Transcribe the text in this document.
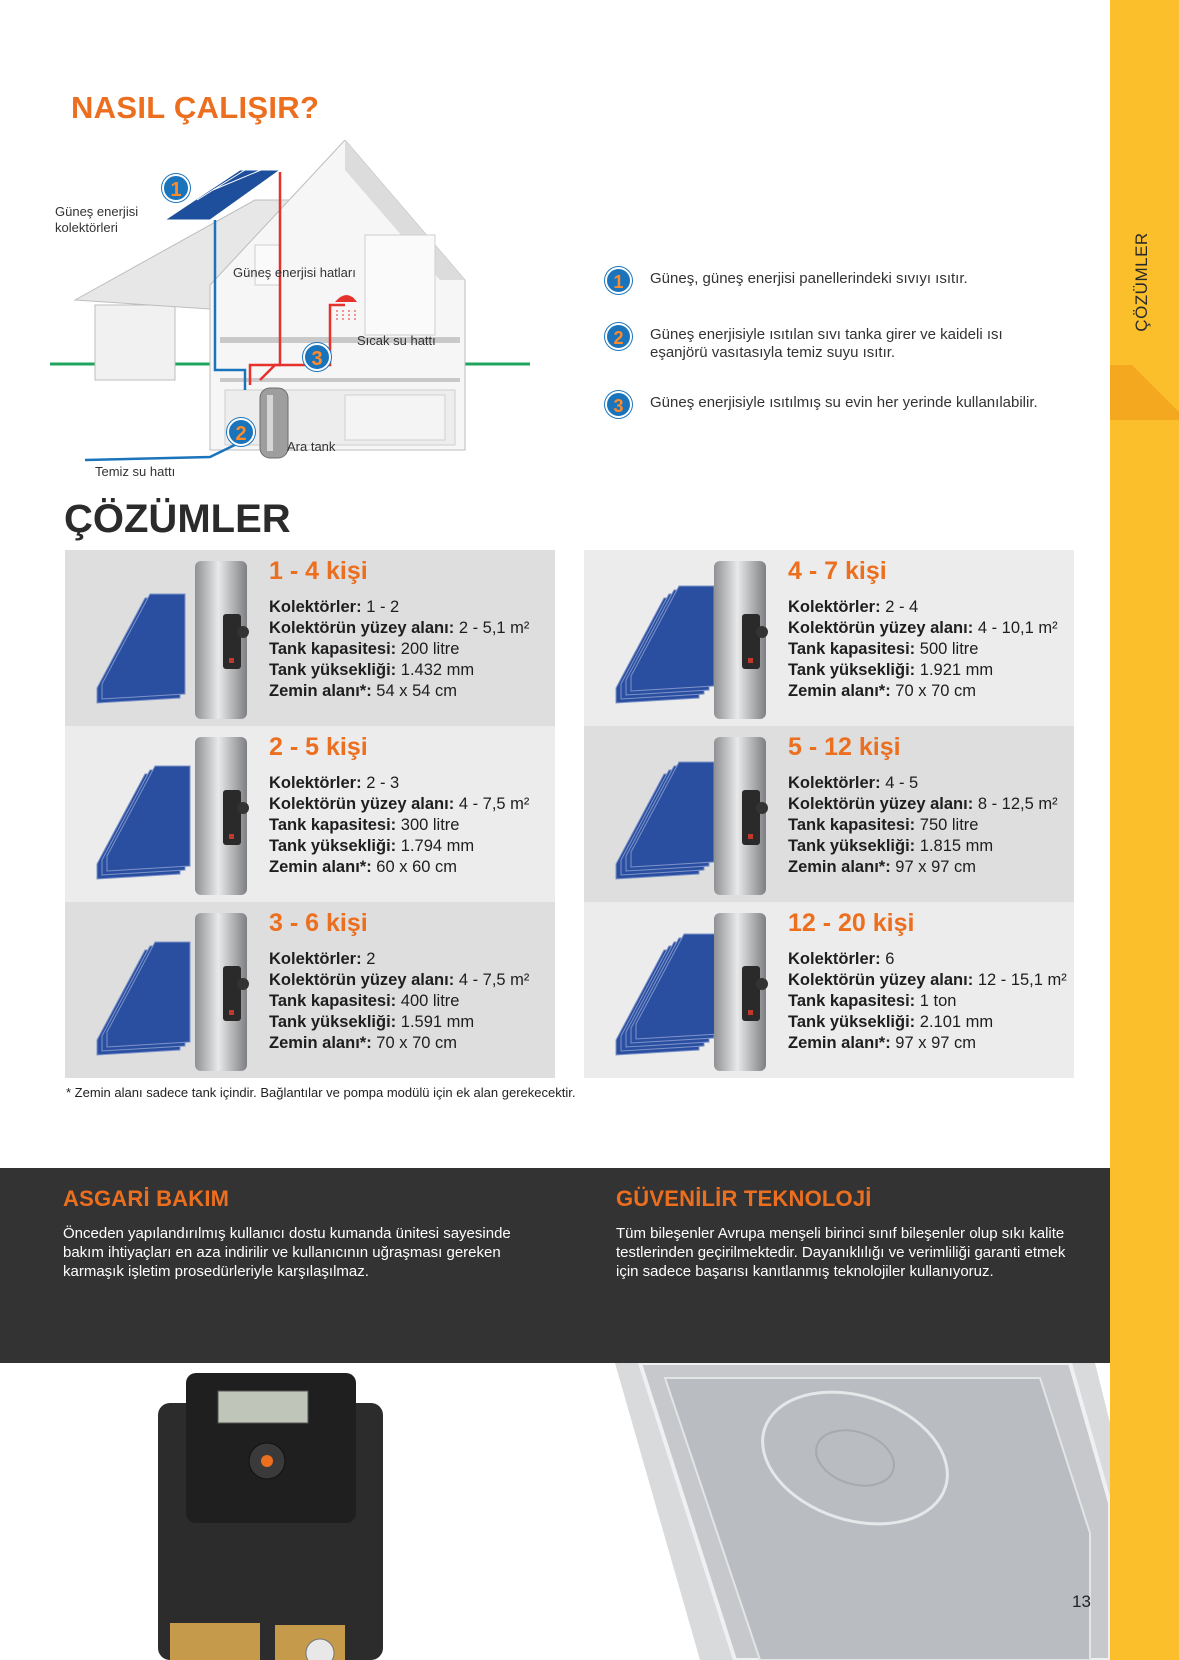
ÇÖZÜMLER
NASIL ÇALIŞIR?
Güneş enerjisi kolektörleri
Güneş enerjisi hatları
Sıcak su hattı
Ara tank
Temiz su hattı
1
3
2
1	Güneş, güneş enerjisi panellerindeki sıvıyı ısıtır.
2	Güneş enerjisiyle ısıtılan sıvı tanka girer ve kaideli ısı eşanjörü vasıtasıyla temiz suyu ısıtır.
3	Güneş enerjisiyle ısıtılmış su evin her yerinde kullanılabilir.
ÇÖZÜMLER
1 - 4 kişi
Kolektörler: 1 - 2
Kolektörün yüzey alanı: 2 - 5,1 m²
Tank kapasitesi: 200 litre
Tank yüksekliği: 1.432 mm
Zemin alanı*: 54 x 54 cm
2 - 5 kişi
Kolektörler: 2 - 3
Kolektörün yüzey alanı: 4 - 7,5 m²
Tank kapasitesi: 300 litre
Tank yüksekliği: 1.794 mm
Zemin alanı*: 60 x 60 cm
3 - 6 kişi
Kolektörler: 2
Kolektörün yüzey alanı: 4 - 7,5 m²
Tank kapasitesi: 400 litre
Tank yüksekliği: 1.591 mm
Zemin alanı*: 70 x 70 cm
4 - 7 kişi
Kolektörler: 2 - 4
Kolektörün yüzey alanı: 4 - 10,1 m²
Tank kapasitesi: 500 litre
Tank yüksekliği: 1.921 mm
Zemin alanı*: 70 x 70 cm
5 - 12 kişi
Kolektörler: 4 - 5
Kolektörün yüzey alanı: 8 - 12,5 m²
Tank kapasitesi: 750 litre
Tank yüksekliği: 1.815 mm
Zemin alanı*: 97 x 97 cm
12 - 20 kişi
Kolektörler: 6
Kolektörün yüzey alanı: 12 - 15,1 m²
Tank kapasitesi: 1 ton
Tank yüksekliği: 2.101 mm
Zemin alanı*: 97 x 97 cm
* Zemin alanı sadece tank içindir. Bağlantılar ve pompa modülü için ek alan gerekecektir.
ASGARİ BAKIM

Önceden yapılandırılmış kullanıcı dostu kumanda ünitesi sayesinde bakım ihtiyaçları en aza indirilir ve kullanıcının uğraşması gereken karmaşık işletim prosedürleriyle karşılaşılmaz.

GÜVENİLİR TEKNOLOJİ

Tüm bileşenler Avrupa menşeli birinci sınıf bileşenler olup sıkı kalite testlerinden geçirilmektedir. Dayanıklılığı ve verimliliği garanti etmek için sadece başarısı kanıtlanmış teknolojiler kullanıyoruz.

13
